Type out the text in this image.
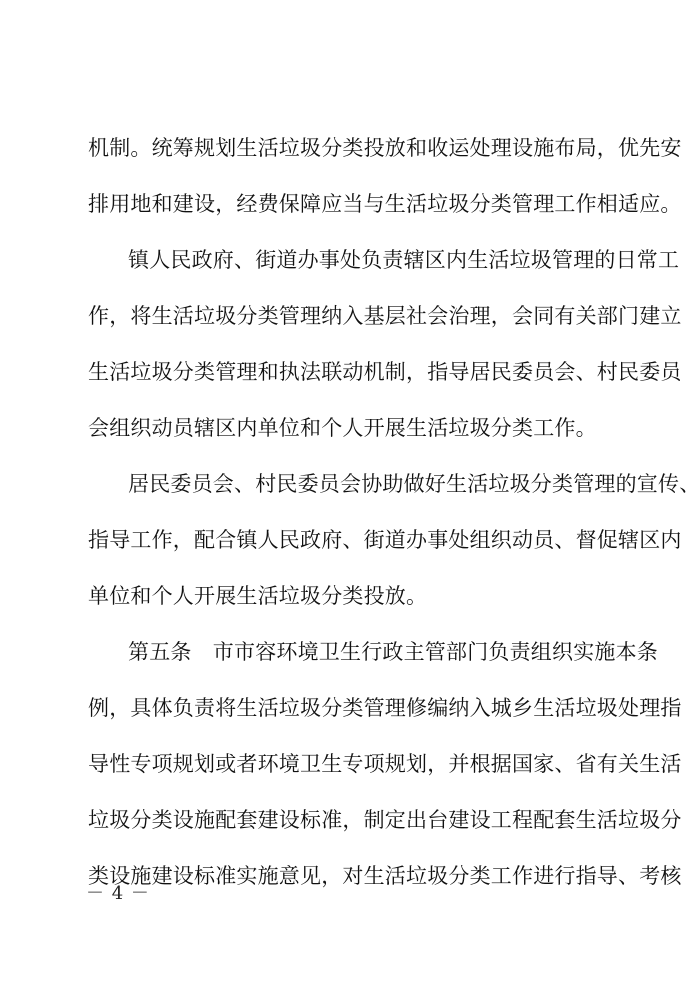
机制。统筹规划生活垃圾分类投放和收运处理设施布局，优先安
排用地和建设，经费保障应当与生活垃圾分类管理工作相适应。
镇人民政府、街道办事处负责辖区内生活垃圾管理的日常工
作，将生活垃圾分类管理纳入基层社会治理，会同有关部门建立
生活垃圾分类管理和执法联动机制，指导居民委员会、村民委员
会组织动员辖区内单位和个人开展生活垃圾分类工作。
居民委员会、村民委员会协助做好生活垃圾分类管理的宣传、
指导工作，配合镇人民政府、街道办事处组织动员、督促辖区内
单位和个人开展生活垃圾分类投放。
第五条　市市容环境卫生行政主管部门负责组织实施本条
例，具体负责将生活垃圾分类管理修编纳入城乡生活垃圾处理指
导性专项规划或者环境卫生专项规划，并根据国家、省有关生活
垃圾分类设施配套建设标准，制定出台建设工程配套生活垃圾分
类设施建设标准实施意见，对生活垃圾分类工作进行指导、考核
－ 4 －
